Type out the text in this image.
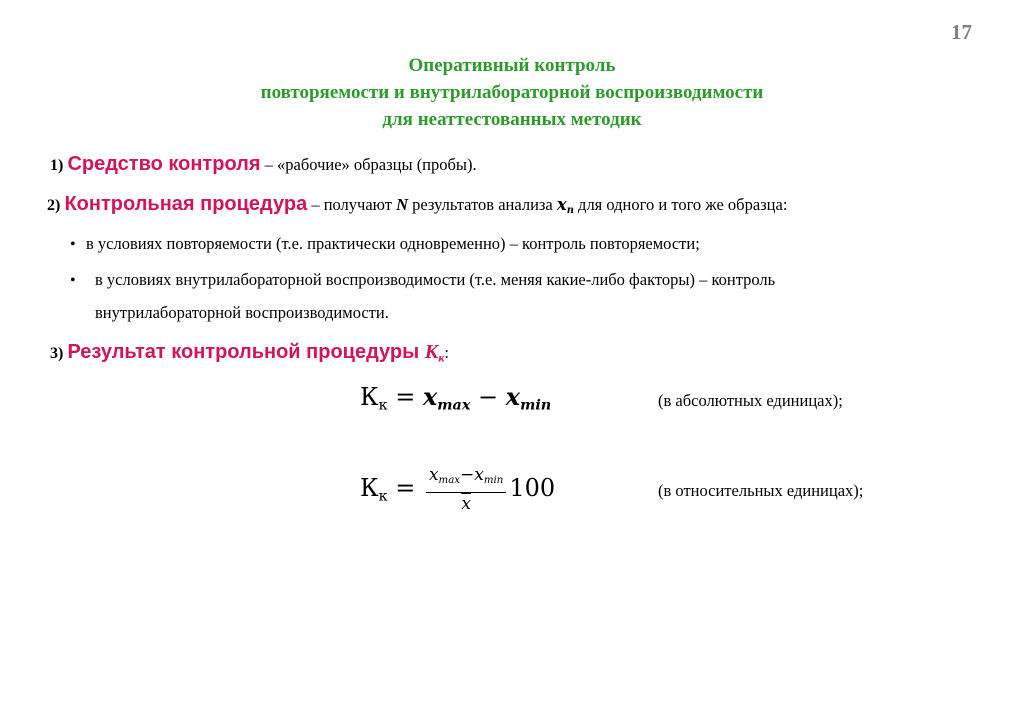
17
Оперативный контроль
повторяемости и внутрилабораторной воспроизводимости
для неаттестованных методик
1) Средство контроля – «рабочие» образцы (пробы).
2) Контрольная процедура – получают N результатов анализа $x_n$ для одного и того же образца:
• в условиях повторяемости (т.е. практически одновременно) – контроль повторяемости;
• в условиях внутрилабораторной воспроизводимости (т.е. меняя какие-либо факторы) – контроль
внутрилабораторной воспроизводимости.
3) Результат контрольной процедуры $К_к$:
$К_к = x_{max} - x_{min}$	(в абсолютных единицах);
$К_к = \frac{x_{max}-x_{min}}{x} 100$	(в относительных единицах);
